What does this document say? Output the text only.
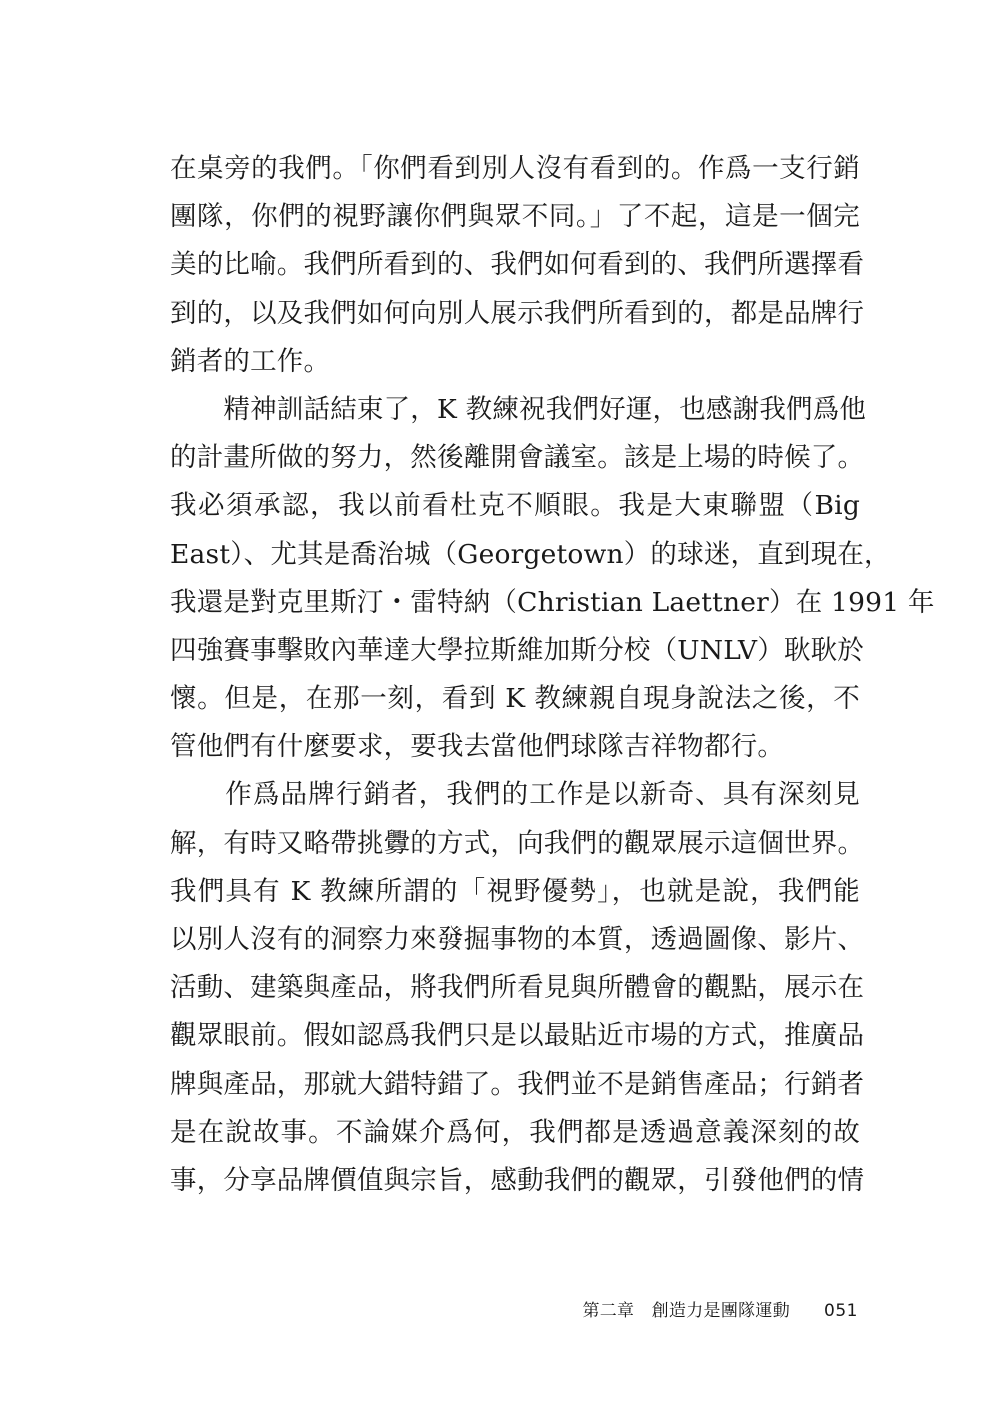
在桌旁的我們。「你們看到別人沒有看到的。作爲一支行銷
團隊，你們的視野讓你們與眾不同。」了不起，這是一個完
美的比喻。我們所看到的、我們如何看到的、我們所選擇看
到的，以及我們如何向別人展示我們所看到的，都是品牌行
銷者的工作。
　　精神訓話結束了，K 教練祝我們好運，也感謝我們爲他
的計畫所做的努力，然後離開會議室。該是上場的時候了。
我必須承認，我以前看杜克不順眼。我是大東聯盟（Big
East）、尤其是喬治城（Georgetown）的球迷，直到現在，
我還是對克里斯汀・雷特納（Christian Laettner）在 1991 年
四強賽事擊敗內華達大學拉斯維加斯分校（UNLV）耿耿於
懷。但是，在那一刻，看到 K 教練親自現身說法之後，不
管他們有什麼要求，要我去當他們球隊吉祥物都行。
　　作爲品牌行銷者，我們的工作是以新奇、具有深刻見
解，有時又略帶挑釁的方式，向我們的觀眾展示這個世界。
我們具有 K 教練所謂的「視野優勢」，也就是說，我們能
以別人沒有的洞察力來發掘事物的本質，透過圖像、影片、
活動、建築與產品，將我們所看見與所體會的觀點，展示在
觀眾眼前。假如認爲我們只是以最貼近市場的方式，推廣品
牌與產品，那就大錯特錯了。我們並不是銷售產品；行銷者
是在說故事。不論媒介爲何，我們都是透過意義深刻的故
事，分享品牌價值與宗旨，感動我們的觀眾，引發他們的情
第二章　創造力是團隊運動 051
